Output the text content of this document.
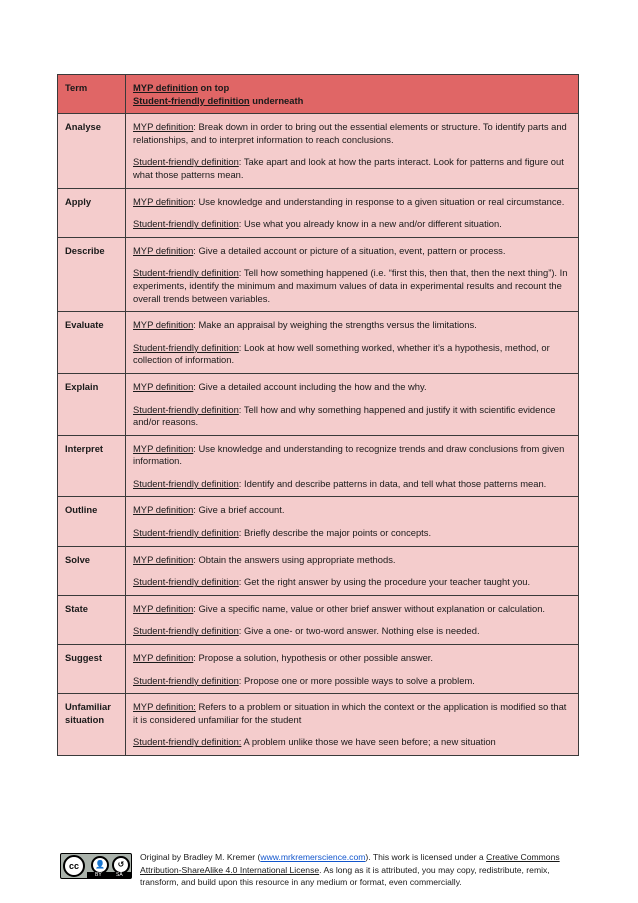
Term	MYP definition on top
Student-friendly definition underneath

Analyse	MYP definition: Break down in order to bring out the essential elements or structure. To identify parts and relationships, and to interpret information to reach conclusions.

Student-friendly definition: Take apart and look at how the parts interact. Look for patterns and figure out what those patterns mean.

Apply	MYP definition: Use knowledge and understanding in response to a given situation or real circumstance.

Student-friendly definition: Use what you already know in a new and/or different situation.

Describe	MYP definition: Give a detailed account or picture of a situation, event, pattern or process.

Student-friendly definition: Tell how something happened (i.e. “first this, then that, then the next thing”). In experiments, identify the minimum and maximum values of data in experimental results and recount the overall trends between variables.

Evaluate	MYP definition: Make an appraisal by weighing the strengths versus the limitations.

Student-friendly definition: Look at how well something worked, whether it’s a hypothesis, method, or collection of information.

Explain	MYP definition: Give a detailed account including the how and the why.

Student-friendly definition: Tell how and why something happened and justify it with scientific evidence and/or reasons.

Interpret	MYP definition: Use knowledge and understanding to recognize trends and draw conclusions from given information.

Student-friendly definition: Identify and describe patterns in data, and tell what those patterns mean.

Outline	MYP definition: Give a brief account.

Student-friendly definition: Briefly describe the major points or concepts.

Solve	MYP definition: Obtain the answers using appropriate methods.

Student-friendly definition: Get the right answer by using the procedure your teacher taught you.

State	MYP definition: Give a specific name, value or other brief answer without explanation or calculation.

Student-friendly definition: Give a one- or two-word answer. Nothing else is needed.

Suggest	MYP definition: Propose a solution, hypothesis or other possible answer.

Student-friendly definition: Propose one or more possible ways to solve a problem.

Unfamiliar situation	MYP definition: Refers to a problem or situation in which the context or the application is modified so that it is considered unfamiliar for the student

Student-friendly definition: A problem unlike those we have seen before; a new situation

cc	👤	↺
BY	SA
Original by Bradley M. Kremer (www.mrkremerscience.com). This work is licensed under a Creative Commons Attribution-ShareAlike 4.0 International License. As long as it is attributed, you may copy, redistribute, remix, transform, and build upon this resource in any medium or format, even commercially.
